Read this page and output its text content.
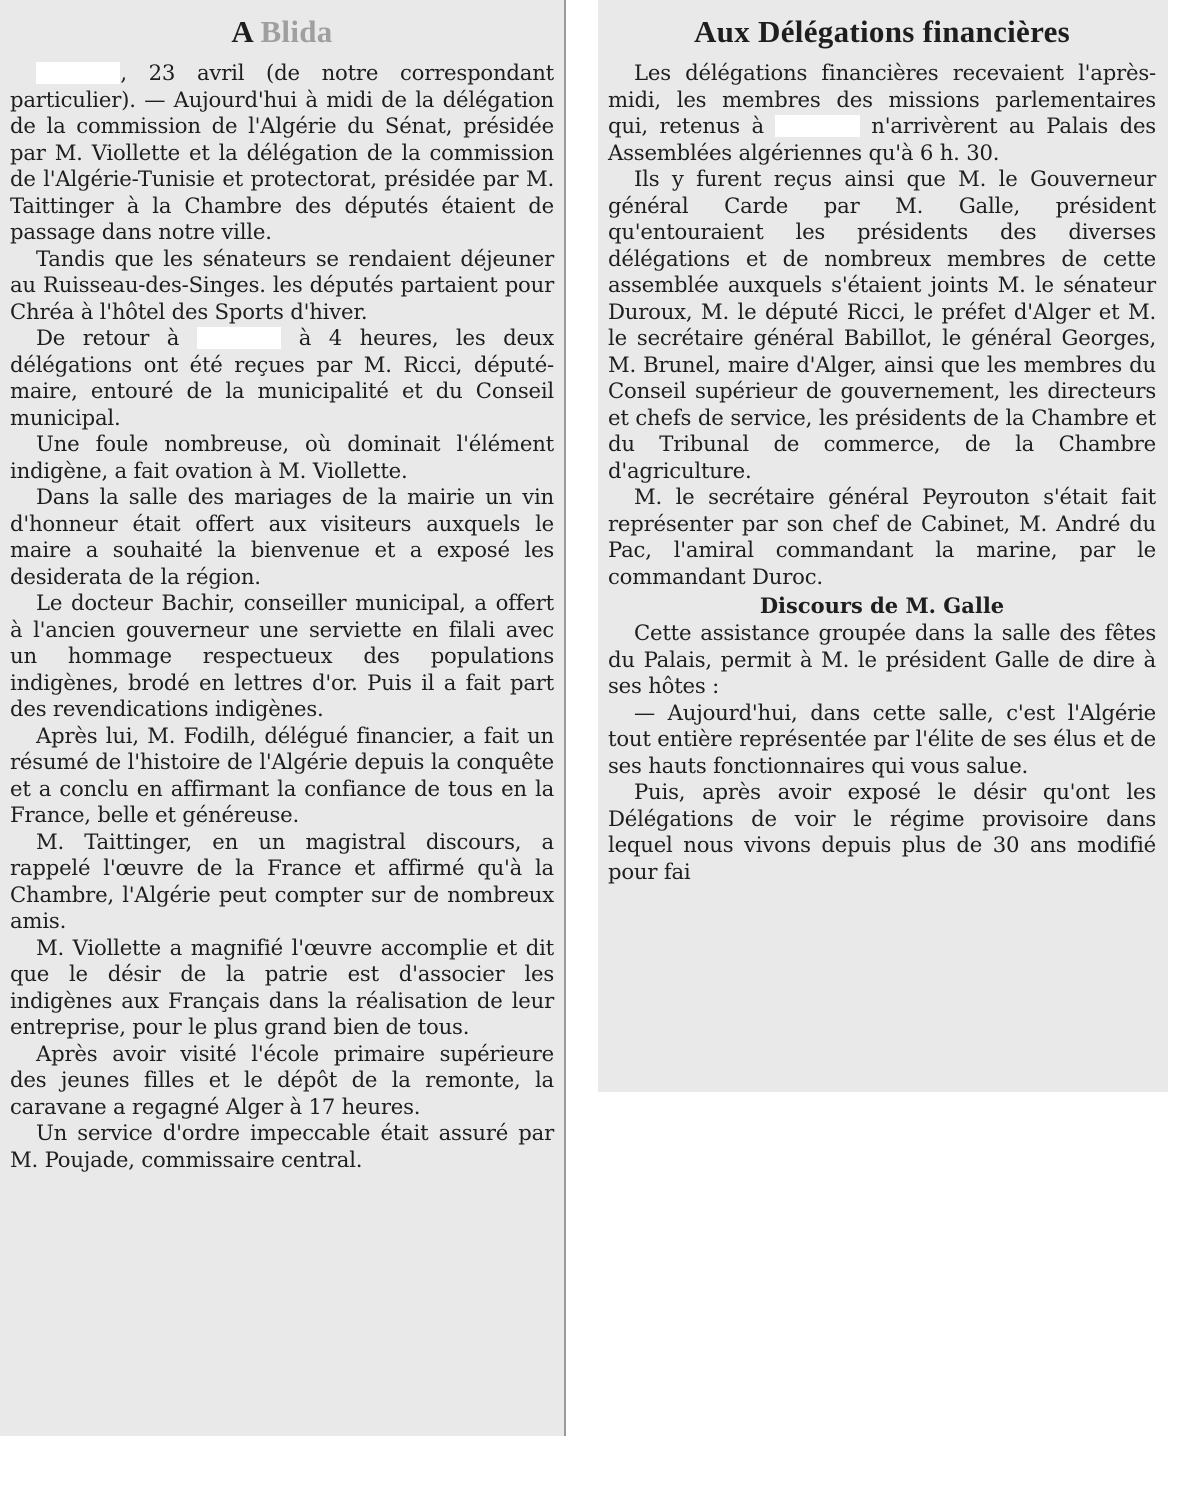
A Blida

Blida, 23 avril (de notre correspondant particulier). — Aujourd'hui à midi de la délégation de la commission de l'Algérie du Sénat, présidée par M. Viollette et la délégation de la commission de l'Algérie-Tunisie et protectorat, présidée par M. Taittinger à la Chambre des députés étaient de passage dans notre ville.

Tandis que les sénateurs se rendaient déjeuner au Ruisseau-des-Singes. les députés partaient pour Chréa à l'hôtel des Sports d'hiver.

De retour à Blida à 4 heures, les deux délégations ont été reçues par M. Ricci, député-maire, entouré de la municipalité et du Conseil municipal.

Une foule nombreuse, où dominait l'élément indigène, a fait ovation à M. Viollette.

Dans la salle des mariages de la mairie un vin d'honneur était offert aux visiteurs auxquels le maire a souhaité la bienvenue et a exposé les desiderata de la région.

Le docteur Bachir, conseiller municipal, a offert à l'ancien gouverneur une serviette en filali avec un hommage respectueux des populations indigènes, brodé en lettres d'or. Puis il a fait part des revendications indigènes.

Après lui, M. Fodilh, délégué financier, a fait un résumé de l'histoire de l'Algérie depuis la conquête et a conclu en affirmant la confiance de tous en la France, belle et généreuse.

M. Taittinger, en un magistral discours, a rappelé l'œuvre de la France et affirmé qu'à la Chambre, l'Algérie peut compter sur de nombreux amis.

M. Viollette a magnifié l'œuvre accomplie et dit que le désir de la patrie est d'associer les indigènes aux Français dans la réalisation de leur entreprise, pour le plus grand bien de tous.

Après avoir visité l'école primaire supérieure des jeunes filles et le dépôt de la remonte, la caravane a regagné Alger à 17 heures.

Un service d'ordre impeccable était assuré par M. Poujade, commissaire central.

Aux Délégations financières

Les délégations financières recevaient l'après-midi, les membres des missions parlementaires qui, retenus à Blida n'arrivèrent au Palais des Assemblées algériennes qu'à 6 h. 30.

Ils y furent reçus ainsi que M. le Gouverneur général Carde par M. Galle, président qu'entouraient les présidents des diverses délégations et de nombreux membres de cette assemblée auxquels s'étaient joints M. le sénateur Duroux, M. le député Ricci, le préfet d'Alger et M. le secrétaire général Babillot, le général Georges, M. Brunel, maire d'Alger, ainsi que les membres du Conseil supérieur de gouvernement, les directeurs et chefs de service, les présidents de la Chambre et du Tribunal de commerce, de la Chambre d'agriculture.

M. le secrétaire général Peyrouton s'était fait représenter par son chef de Cabinet, M. André du Pac, l'amiral commandant la marine, par le commandant Duroc.

Discours de M. Galle

Cette assistance groupée dans la salle des fêtes du Palais, permit à M. le président Galle de dire à ses hôtes :

— Aujourd'hui, dans cette salle, c'est l'Algérie tout entière représentée par l'élite de ses élus et de ses hauts fonctionnaires qui vous salue.

Puis, après avoir exposé le désir qu'ont les Délégations de voir le régime provisoire dans lequel nous vivons depuis plus de 30 ans modifié pour fai
